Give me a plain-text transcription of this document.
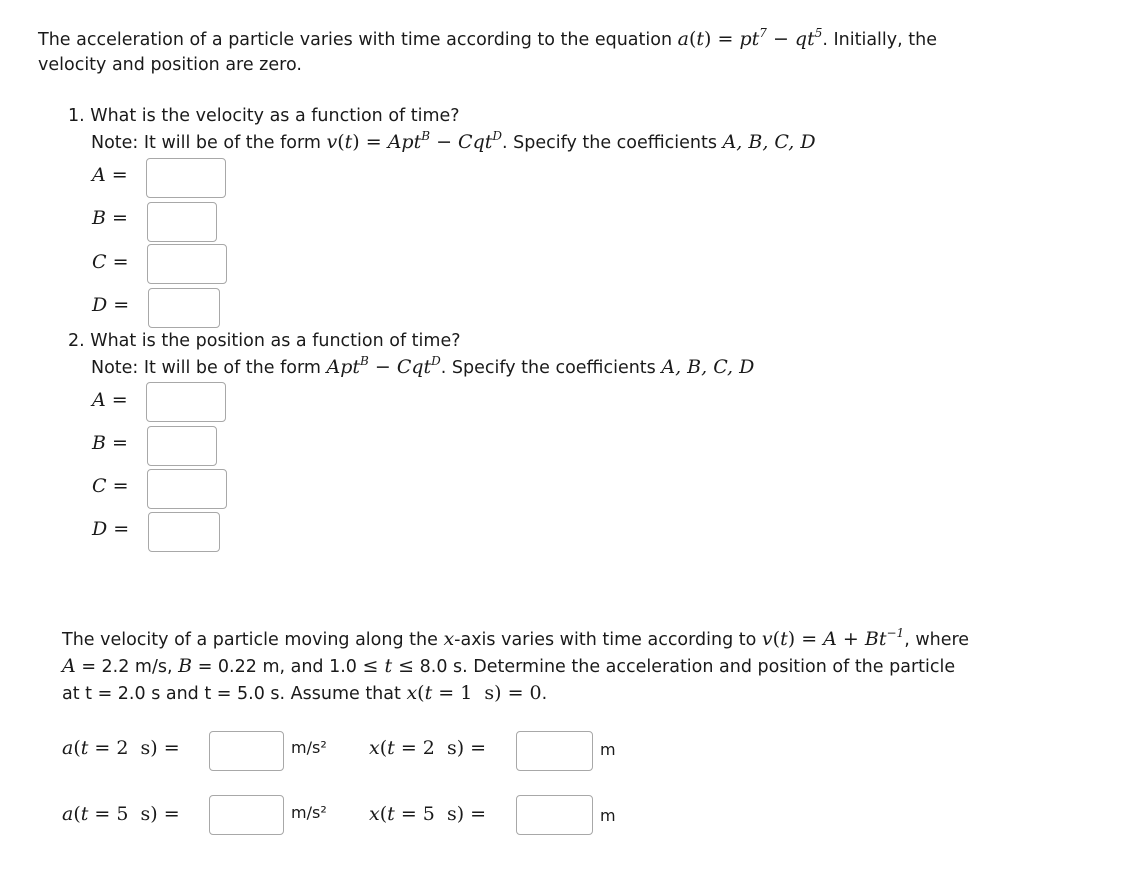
The acceleration of a particle varies with time according to the equation $a(t) = pt^7 - qt^5$. Initially, the
velocity and position are zero.
1. What is the velocity as a function of time?
Note: It will be of the form v(t) = Apt$^B$ − Cqt$^D$. Specify the coefficients A, B, C, D
A =
B =
C =
D =
2. What is the position as a function of time?
Note: It will be of the form Apt$^B$ − Cqt$^D$. Specify the coefficients A, B, C, D
A =
B =
C =
D =
The velocity of a particle moving along the x-axis varies with time according to $v(t) = A + Bt^{-1}$, where
A = 2.2 m/s, B = 0.22 m, and 1.0 ≤ t ≤ 8.0 s. Determine the acceleration and position of the particle
at t = 2.0 s and t = 5.0 s. Assume that x(t = 1  s) = 0.
a(t = 2  s) =	m/s² x(t = 2  s) =	m
a(t = 5  s) =	m/s² x(t = 5  s) =	m
